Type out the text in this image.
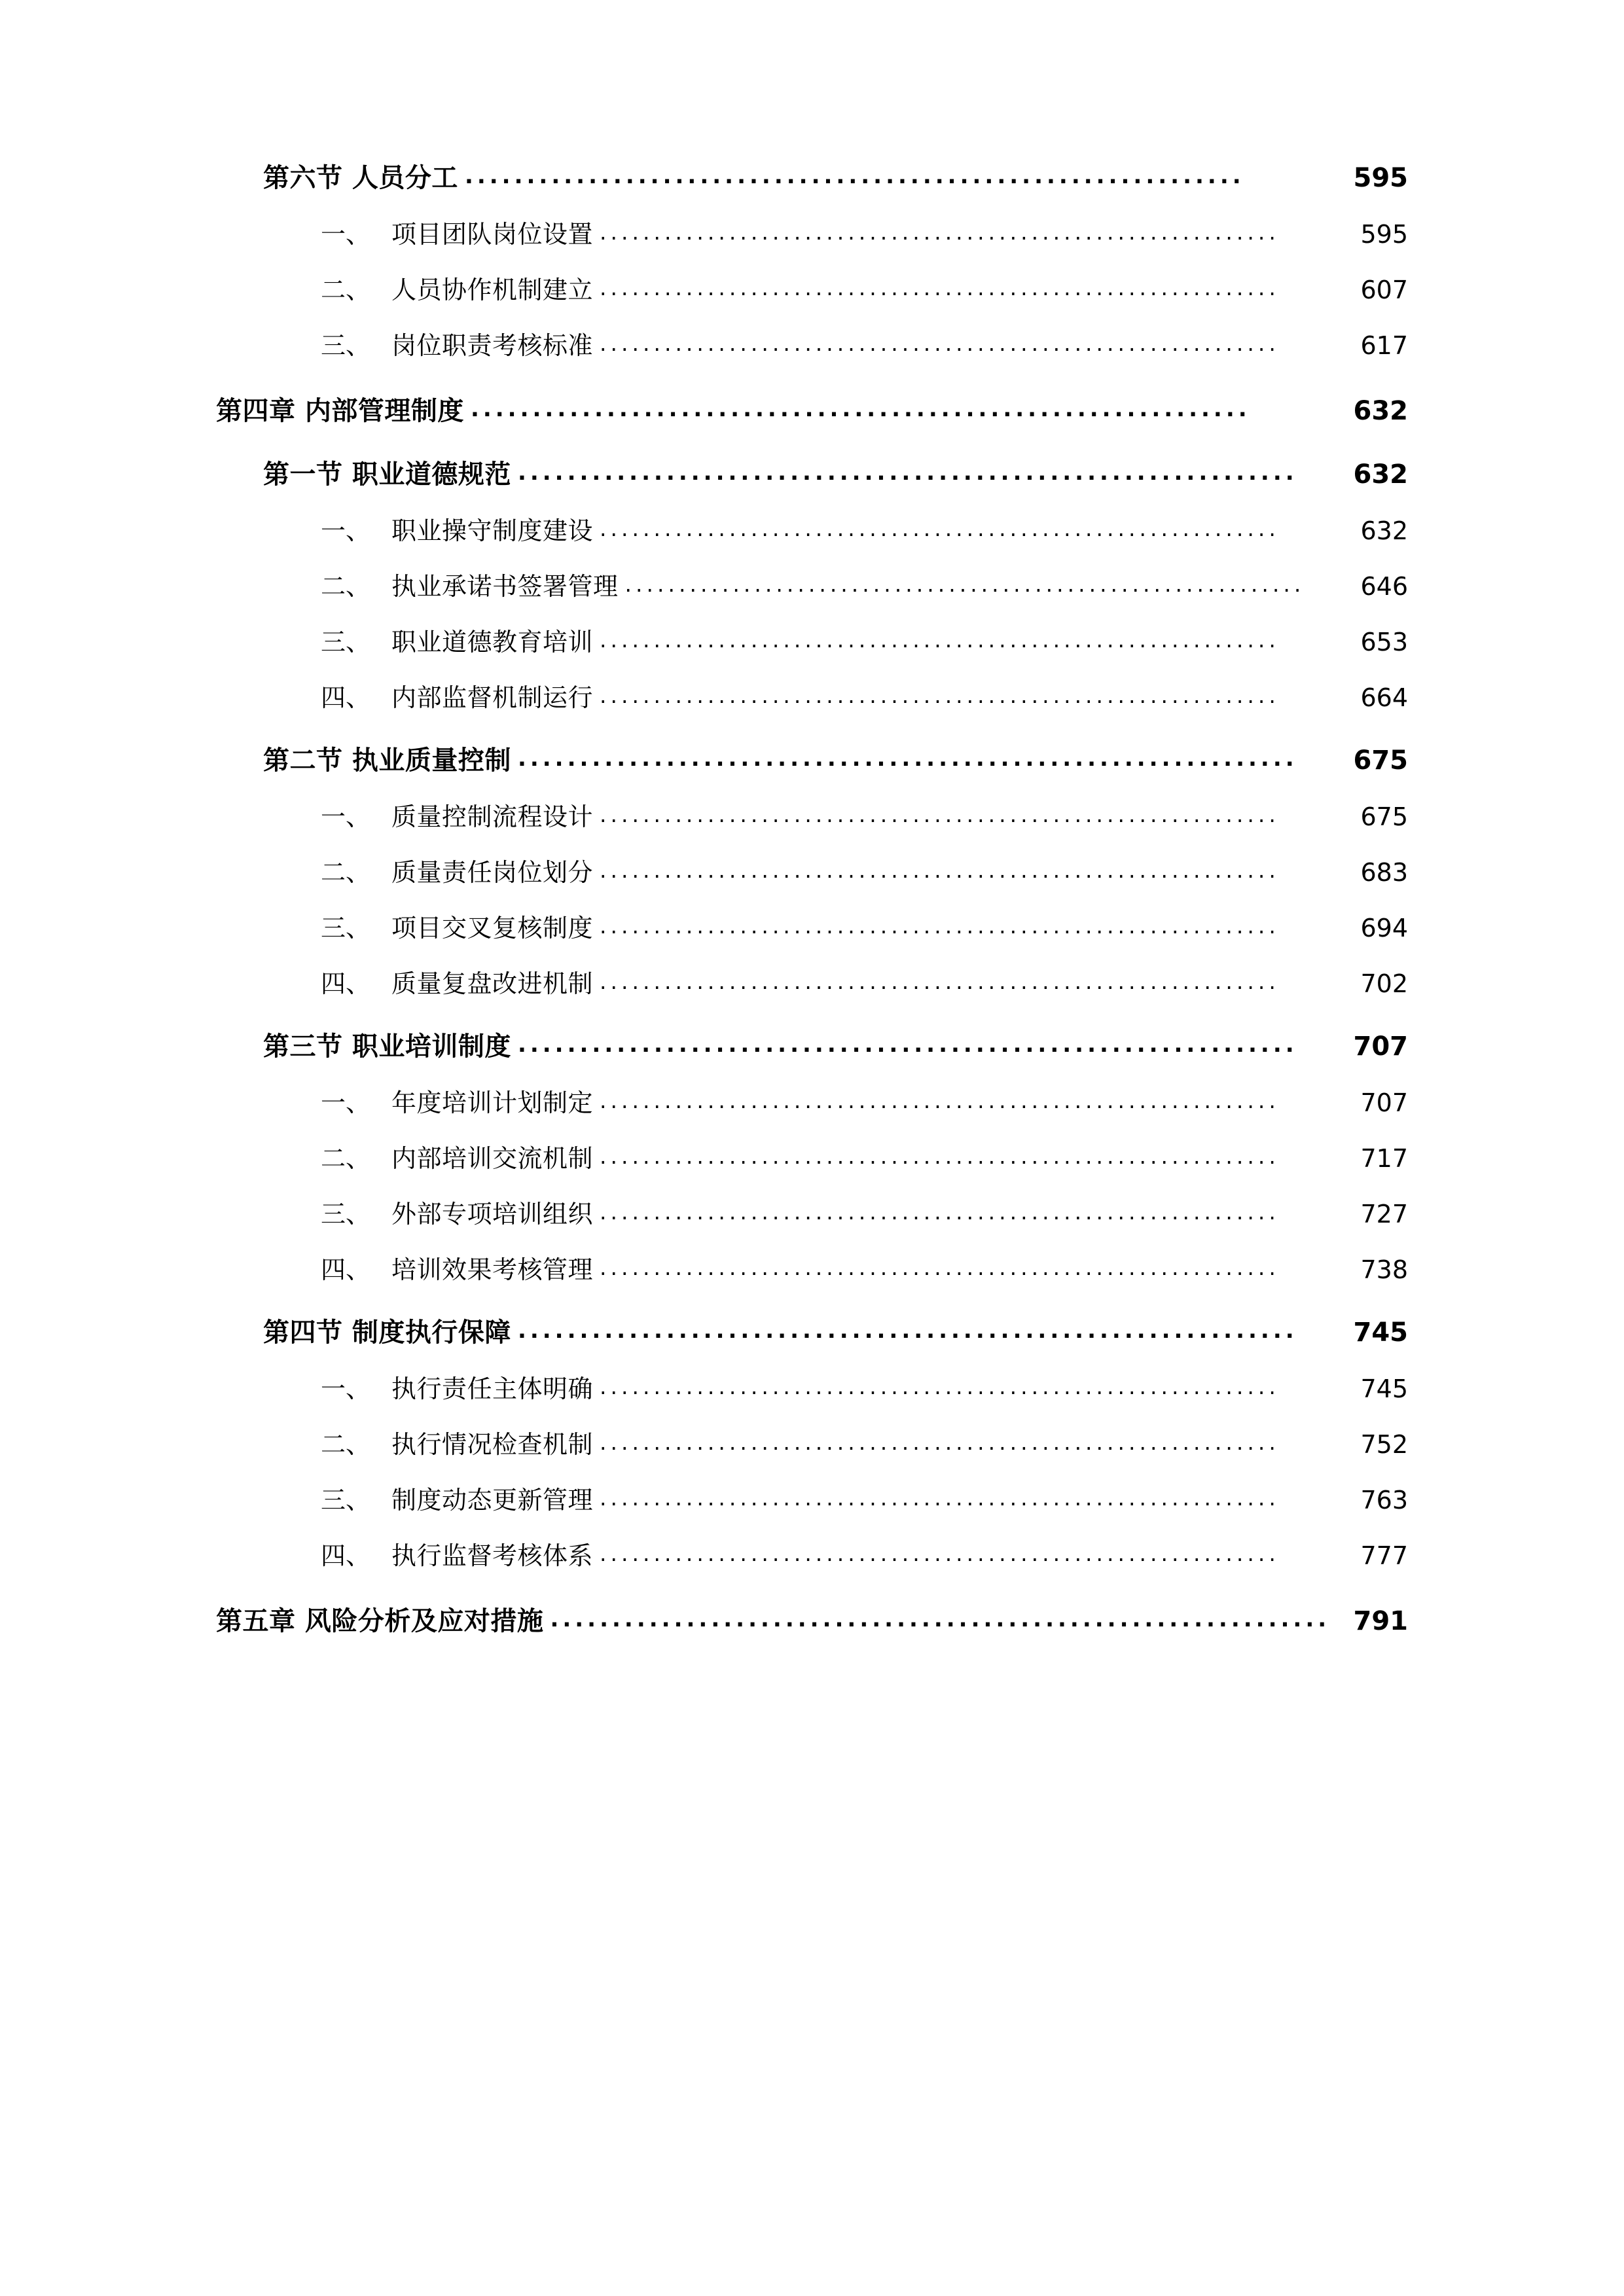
第六节 人员分工 ...............................................................	595
一、 项目团队岗位设置 ...............................................................	595
二、 人员协作机制建立 ...............................................................	607
三、 岗位职责考核标准 ...............................................................	617
第四章 内部管理制度 ...............................................................	632
第一节 职业道德规范 ...............................................................	632
一、 职业操守制度建设 ...............................................................	632
二、 执业承诺书签署管理 ...............................................................	646
三、 职业道德教育培训 ...............................................................	653
四、 内部监督机制运行 ...............................................................	664
第二节 执业质量控制 ...............................................................	675
一、 质量控制流程设计 ...............................................................	675
二、 质量责任岗位划分 ...............................................................	683
三、 项目交叉复核制度 ...............................................................	694
四、 质量复盘改进机制 ...............................................................	702
第三节 职业培训制度 ...............................................................	707
一、 年度培训计划制定 ...............................................................	707
二、 内部培训交流机制 ...............................................................	717
三、 外部专项培训组织 ...............................................................	727
四、 培训效果考核管理 ...............................................................	738
第四节 制度执行保障 ...............................................................	745
一、 执行责任主体明确 ...............................................................	745
二、 执行情况检查机制 ...............................................................	752
三、 制度动态更新管理 ...............................................................	763
四、 执行监督考核体系 ...............................................................	777
第五章 风险分析及应对措施 ............................................................... 791
